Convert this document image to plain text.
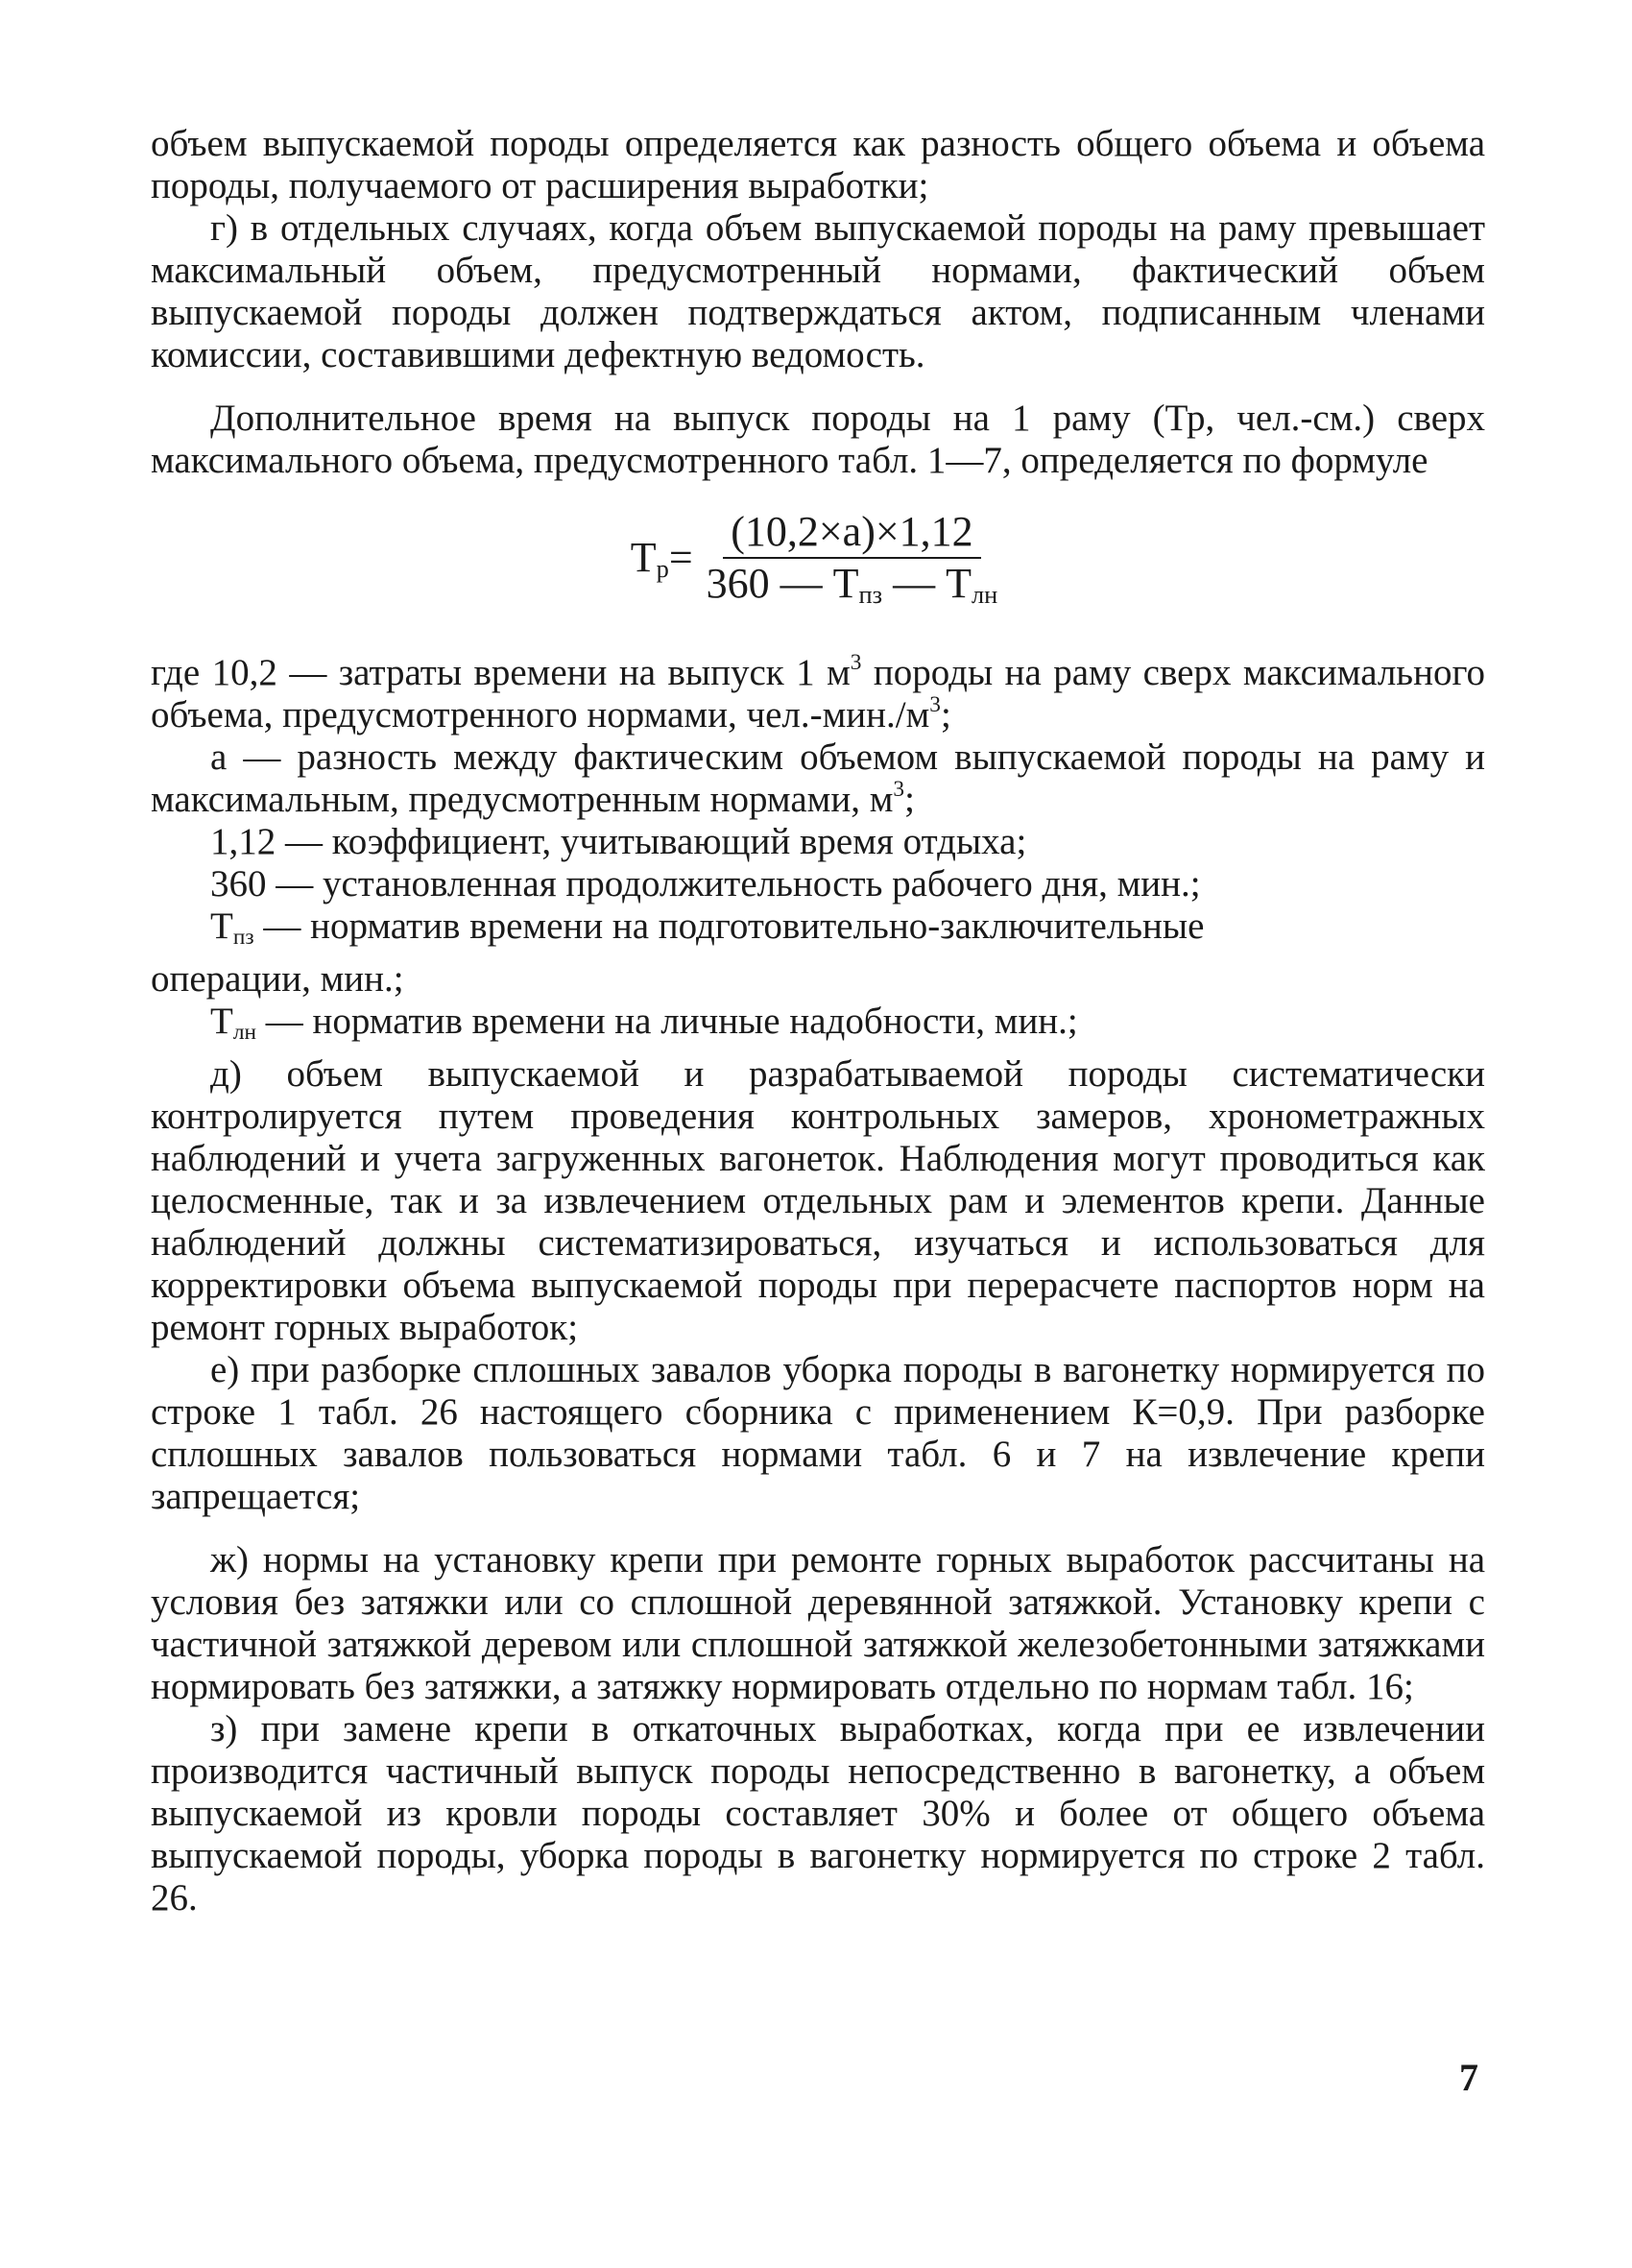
объем выпускаемой породы определяется как разность общего объема и объема породы, получаемого от расширения выработки;

г) в отдельных случаях, когда объем выпускаемой породы на раму превышает максимальный объем, предусмотренный нормами, фактический объем выпускаемой породы должен подтверждаться актом, подписанным членами комиссии, составившими дефектную ведомость.

Дополнительное время на выпуск породы на 1 раму (Тр, чел.-см.) сверх максимального объема, предусмотренного табл. 1—7, определяется по формуле

$Т_р= \frac{(10,2\times а)\times 1,12}{360 — Т_{пз} — Т_{лн}}$

где 10,2 — затраты времени на выпуск 1 $м^3$ породы на раму сверх максимального объема, предусмотренного нормами, $чел.-мин./м^3$;

а — разность между фактическим объемом выпускаемой породы на раму и максимальным, предусмотренным нормами, $м^3$;

1,12 — коэффициент, учитывающий время отдыха;

360 — установленная продолжительность рабочего дня, мин.;

$Т_{пз}$ — норматив времени на подготовительно-заключительные

операции, мин.;

$Т_{лн}$ — норматив времени на личные надобности, мин.;

д) объем выпускаемой и разрабатываемой породы систематически контролируется путем проведения контрольных замеров, хронометражных наблюдений и учета загруженных вагонеток. Наблюдения могут проводиться как целосменные, так и за извлечением отдельных рам и элементов крепи. Данные наблюдений должны систематизироваться, изучаться и использоваться для корректировки объема выпускаемой породы при перерасчете паспортов норм на ремонт горных выработок;

е) при разборке сплошных завалов уборка породы в вагонетку нормируется по строке 1 табл. 26 настоящего сборника с применением К=0,9. При разборке сплошных завалов пользоваться нормами табл. 6 и 7 на извлечение крепи запрещается;

ж) нормы на установку крепи при ремонте горных выработок рассчитаны на условия без затяжки или со сплошной деревянной затяжкой. Установку крепи с частичной затяжкой деревом или сплошной затяжкой железобетонными затяжками нормировать без затяжки, а затяжку нормировать отдельно по нормам табл. 16;

з) при замене крепи в откаточных выработках, когда при ее извлечении производится частичный выпуск породы непосредственно в вагонетку, а объем выпускаемой из кровли породы составляет 30% и более от общего объема выпускаемой породы, уборка породы в вагонетку нормируется по строке 2 табл. 26.

7
